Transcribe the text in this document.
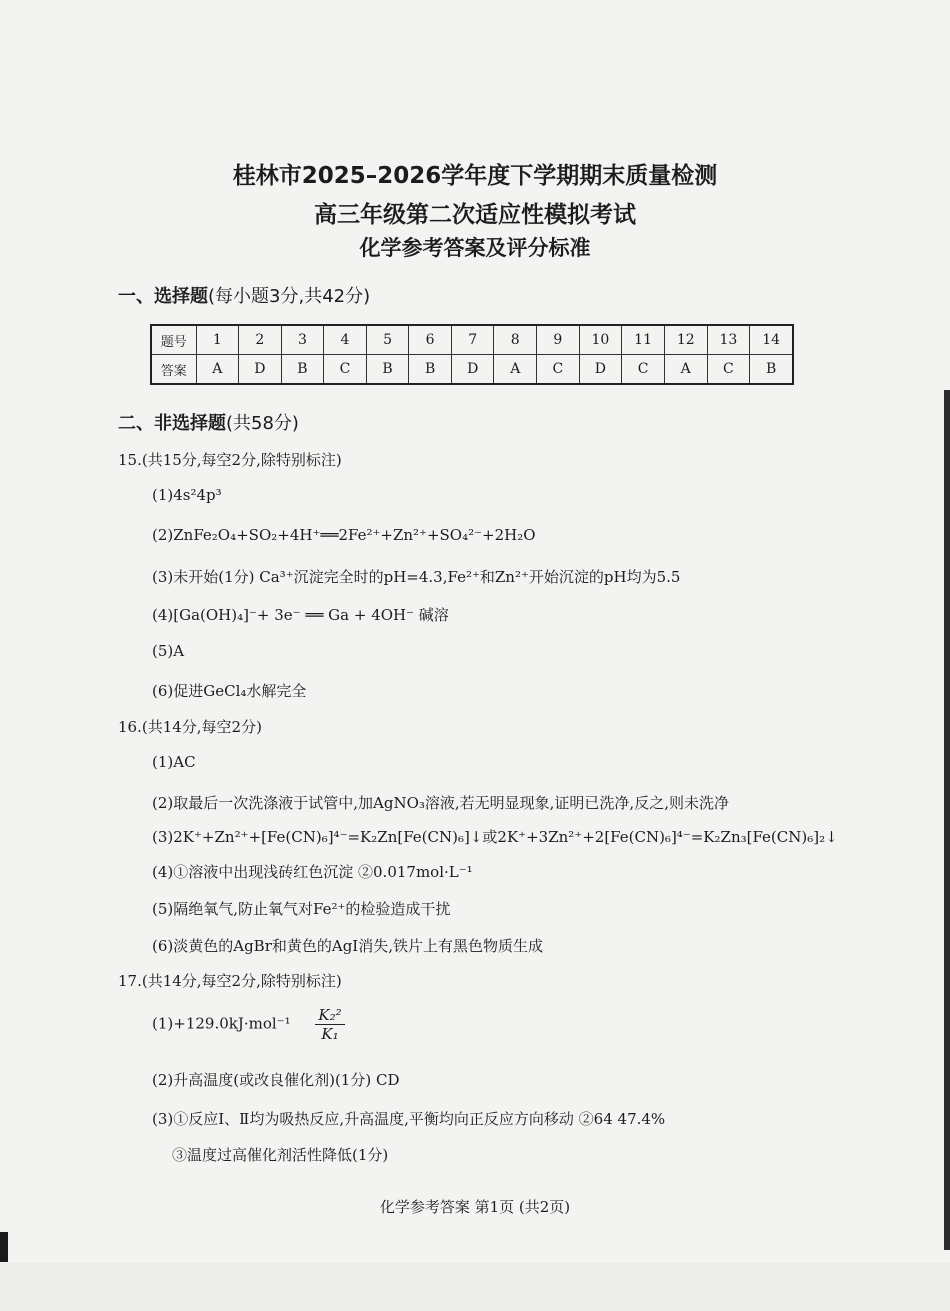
桂林市2025–2026学年度下学期期末质量检测
高三年级第二次适应性模拟考试
化学参考答案及评分标准
一、选择题(每小题3分,共42分)
题号	1	2	3	4	5	6	7	8	9	10	11	12	13	14
答案	A	D	B	C	B	B	D	A	C	D	C	A	C	B
二、非选择题(共58分)
15.(共15分,每空2分,除特别标注)
(1)4s²4p³
(2)ZnFe₂O₄+SO₂+4H⁺══2Fe²⁺+Zn²⁺+SO₄²⁻+2H₂O
(3)未开始(1分) Ca³⁺沉淀完全时的pH=4.3,Fe²⁺和Zn²⁺开始沉淀的pH均为5.5
(4)[Ga(OH)₄]⁻+ 3e⁻ ══ Ga + 4OH⁻ 碱溶
(5)A
(6)促进GeCl₄水解完全
16.(共14分,每空2分)
(1)AC
(2)取最后一次洗涤液于试管中,加AgNO₃溶液,若无明显现象,证明已洗净,反之,则未洗净
(3)2K⁺+Zn²⁺+[Fe(CN)₆]⁴⁻=K₂Zn[Fe(CN)₆]↓或2K⁺+3Zn²⁺+2[Fe(CN)₆]⁴⁻=K₂Zn₃[Fe(CN)₆]₂↓
(4)①溶液中出现浅砖红色沉淀 ②0.017mol·L⁻¹
(5)隔绝氧气,防止氧气对Fe²⁺的检验造成干扰
(6)淡黄色的AgBr和黄色的AgI消失,铁片上有黑色物质生成
17.(共14分,每空2分,除特别标注)
$(1)+129.0kJ\cdot mol^{-1} \frac{\text{K₂²}}{\text{K₁}}$
(2)升高温度(或改良催化剂)(1分) CD
(3)①反应Ⅰ、Ⅱ均为吸热反应,升高温度,平衡均向正反应方向移动 ②64 47.4%
③温度过高催化剂活性降低(1分)
化学参考答案 第1页 (共2页)
